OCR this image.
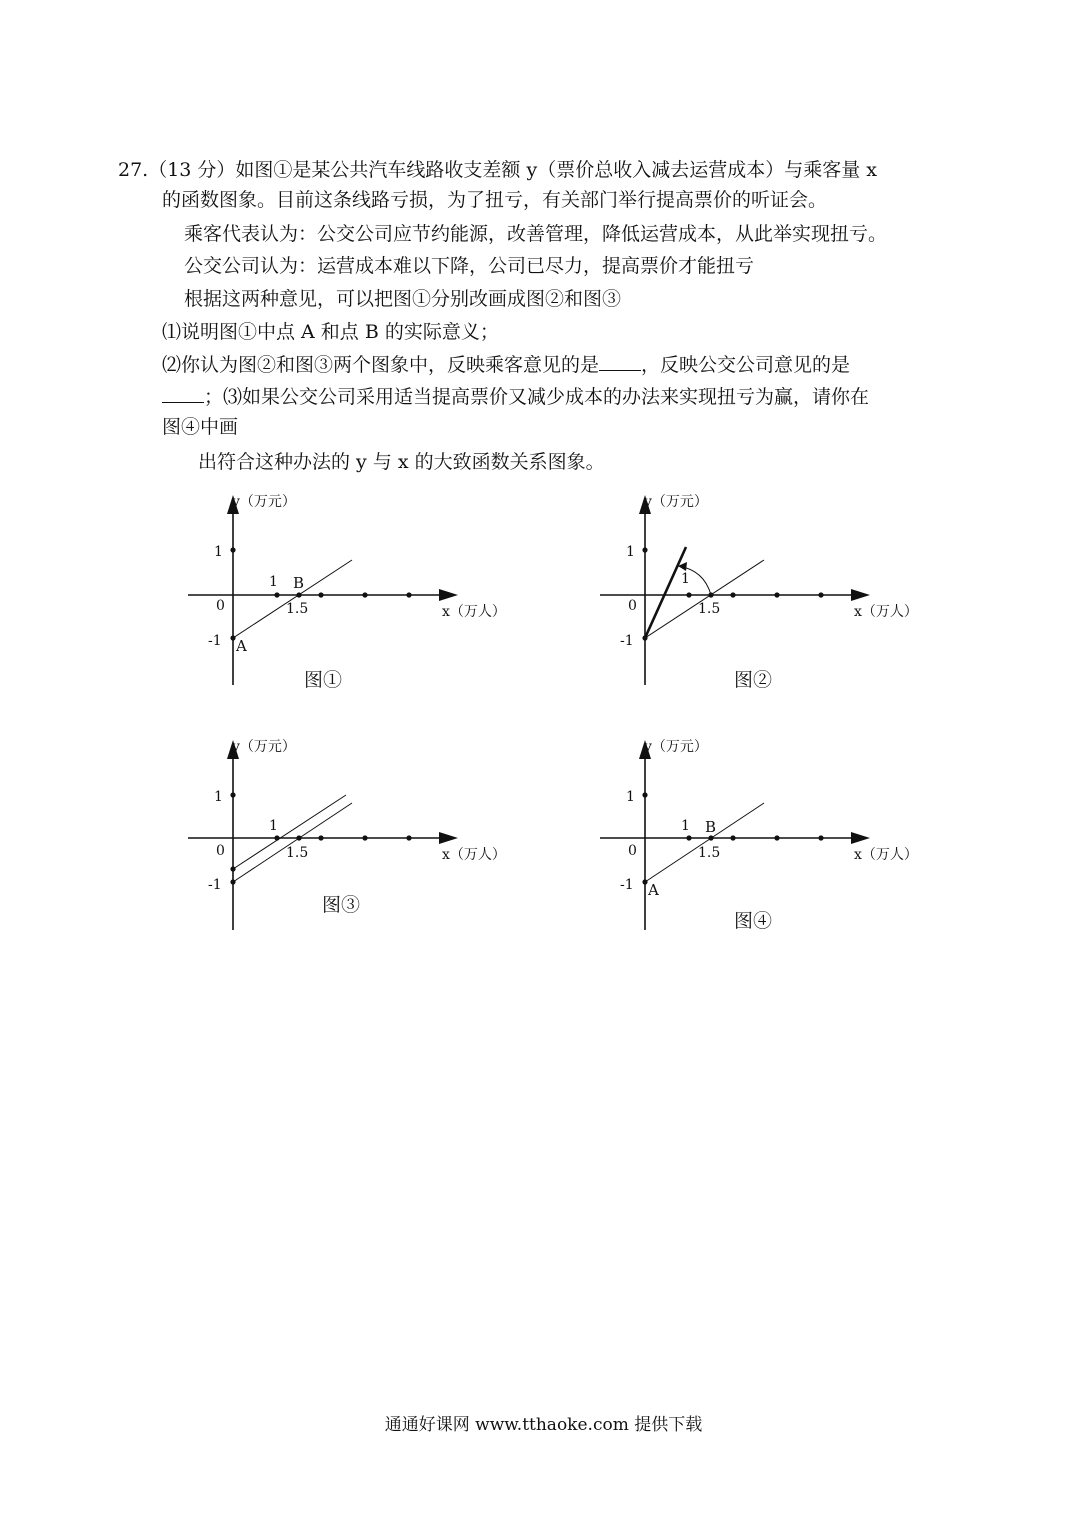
27.（13 分）如图①是某公共汽车线路收支差额 y（票价总收入减去运营成本）与乘客量 x
的函数图象。目前这条线路亏损，为了扭亏，有关部门举行提高票价的听证会。
乘客代表认为：公交公司应节约能源，改善管理，降低运营成本，从此举实现扭亏。
公交公司认为：运营成本难以下降，公司已尽力，提高票价才能扭亏
根据这两种意见，可以把图①分别改画成图②和图③
⑴说明图①中点 A 和点 B 的实际意义；
⑵你认为图②和图③两个图象中，反映乘客意见的是 ，反映公交公司意见的是
；⑶如果公交公司采用适当提高票价又减少成本的办法来实现扭亏为赢，请你在
图④中画
出符合这种办法的 y 与 x 的大致函数关系图象。
y（万元）
x（万人）
1
-1
0
1
1.5
A
B
图①
y（万元）
x（万人）
1
-1
0
1
1.5
图②
y（万元）
x（万人）
1
-1
0
1
1.5
图③
y（万元）
x（万人）
1
-1
0
1
1.5
A
B
图④
通通好课网 www.tthaoke.com 提供下载
